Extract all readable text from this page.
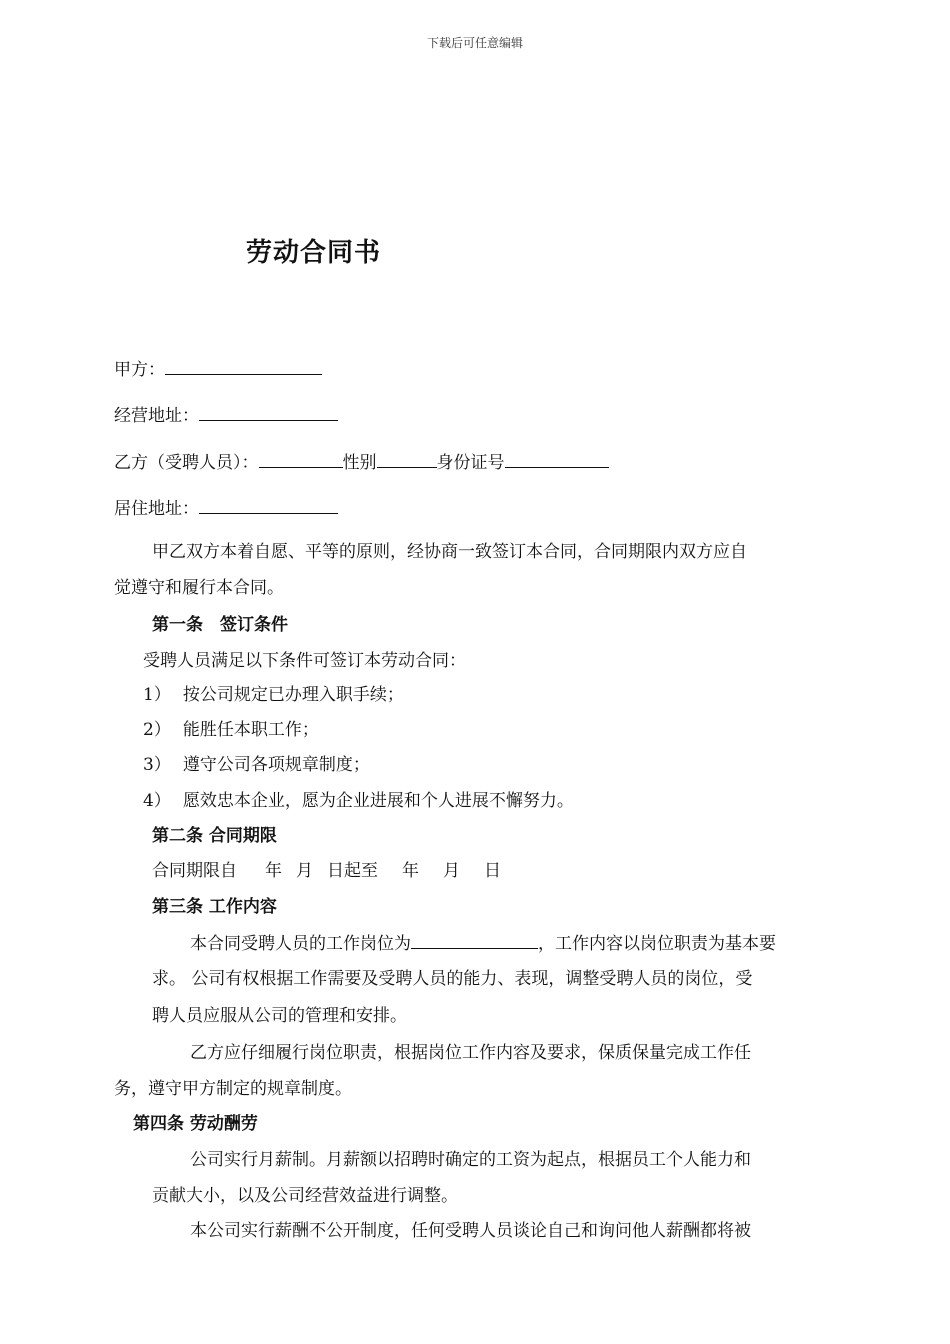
下载后可任意编辑
劳动合同书
甲方：
经营地址：
乙方（受聘人员）：	性别	身份证号
居住地址：
甲乙双方本着自愿、平等的原则，经协商一致签订本合同，合同期限内双方应自
觉遵守和履行本合同。
第一条　签订条件
受聘人员满足以下条件可签订本劳动合同：
1） 按公司规定已办理入职手续；
2） 能胜任本职工作；
3） 遵守公司各项规章制度；
4） 愿效忠本企业，愿为企业进展和个人进展不懈努力。
第二条 合同期限
合同期限自 年 月 日起至 年 月 日
第三条 工作内容
本合同受聘人员的工作岗位为	，工作内容以岗位职责为基本要
求。 公司有权根据工作需要及受聘人员的能力、表现，调整受聘人员的岗位，受
聘人员应服从公司的管理和安排。
乙方应仔细履行岗位职责，根据岗位工作内容及要求，保质保量完成工作任
务，遵守甲方制定的规章制度。
第四条 劳动酬劳
公司实行月薪制。月薪额以招聘时确定的工资为起点，根据员工个人能力和
贡献大小，以及公司经营效益进行调整。
本公司实行薪酬不公开制度，任何受聘人员谈论自己和询问他人薪酬都将被
